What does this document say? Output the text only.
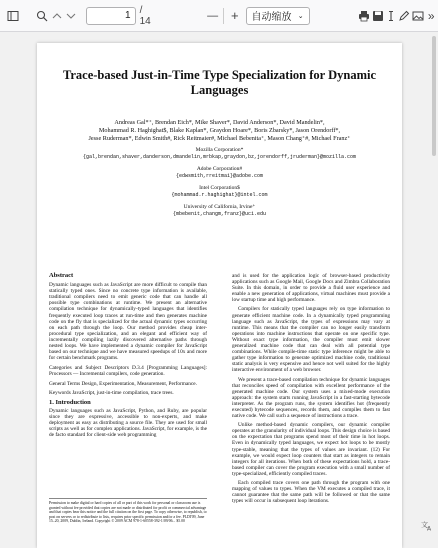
1
/ 14	— + 自动缩放 ⌄	»
Trace-based Just-in-Time Type Specialization for Dynamic Languages
Andreas Gal*⁺, Brendan Eich*, Mike Shaver*, David Anderson*, David Mandelin*,
Mohammad R. Haghighat$, Blake Kaplan*, Graydon Hoare*, Boris Zbarsky*, Jason Orendorff*,
Jesse Ruderman*, Edwin Smith#, Rick Reitmaier#, Michael Bebenita⁺, Mason Chang⁺#, Michael Franz⁺
Mozilla Corporation*
{gal,brendan,shaver,danderson,dmandelin,mrbkap,graydon,bz,jorendorff,jruderman}@mozilla.com
Adobe Corporation#
{edwsmith,rreitmai}@adobe.com
Intel Corporation$
{mohammad.r.haghighat}@intel.com
University of California, Irvine⁺
{mbebenit,changm,franz}@uci.edu
Abstract
Dynamic languages such as JavaScript are more difficult to compile than statically typed ones. Since no concrete type information is available, traditional compilers need to emit generic code that can handle all possible type combinations at runtime. We present an alternative compilation technique for dynamically-typed languages that identifies frequently executed loop traces at run-time and then generates machine code on the fly that is specialized for the actual dynamic types occurring on each path through the loop. Our method provides cheap inter-procedural type specialization, and an elegant and efficient way of incrementally compiling lazily discovered alternative paths through nested loops. We have implemented a dynamic compiler for JavaScript based on our technique and we have measured speedups of 10x and more for certain benchmark programs.
Categories and Subject Descriptors D.3.4 [Programming Languages]: Processors — Incremental compilers, code generation.
General Terms Design, Experimentation, Measurement, Performance.
Keywords JavaScript, just-in-time compilation, trace trees.
1. Introduction
Dynamic languages such as JavaScript, Python, and Ruby, are popular since they are expressive, accessible to non-experts, and make deployment as easy as distributing a source file. They are used for small scripts as well as for complex applications. JavaScript, for example, is the de facto standard for client-side web programming
Permission to make digital or hard copies of all or part of this work for personal or classroom use is granted without fee provided that copies are not made or distributed for profit or commercial advantage and that copies bear this notice and the full citation on the first page. To copy otherwise, to republish, to post on servers or to redistribute to lists, requires prior specific permission and/or a fee. PLDI'09, June 15–20, 2009, Dublin, Ireland. Copyright © 2009 ACM 978-1-60558-392-1/09/06... $5.00
and is used for the application logic of browser-based productivity applications such as Google Mail, Google Docs and Zimbra Collaboration Suite. In this domain, in order to provide a fluid user experience and enable a new generation of applications, virtual machines must provide a low startup time and high performance.
Compilers for statically typed languages rely on type information to generate efficient machine code. In a dynamically typed programming language such as JavaScript, the types of expressions may vary at runtime. This means that the compiler can no longer easily transform operations into machine instructions that operate on one specific type. Without exact type information, the compiler must emit slower generalized machine code that can deal with all potential type combinations. While compile-time static type inference might be able to gather type information to generate optimized machine code, traditional static analysis is very expensive and hence not well suited for the highly interactive environment of a web browser.
We present a trace-based compilation technique for dynamic languages that reconciles speed of compilation with excellent performance of the generated machine code. Our system uses a mixed-mode execution approach: the system starts running JavaScript in a fast-starting bytecode interpreter. As the program runs, the system identifies hot (frequently executed) bytecode sequences, records them, and compiles them to fast native code. We call such a sequence of instructions a trace.
Unlike method-based dynamic compilers, our dynamic compiler operates at the granularity of individual loops. This design choice is based on the expectation that programs spend most of their time in hot loops. Even in dynamically typed languages, we expect hot loops to be mostly type-stable, meaning that the types of values are invariant. (12) For example, we would expect loop counters that start as integers to remain integers for all iterations. When both of these expectations hold, a trace-based compiler can cover the program execution with a small number of type-specialized, efficiently compiled traces.
Each compiled trace covers one path through the program with one mapping of values to types. When the VM executes a compiled trace, it cannot guarantee that the same path will be followed or that the same types will occur in subsequent loop iterations.
文 A
